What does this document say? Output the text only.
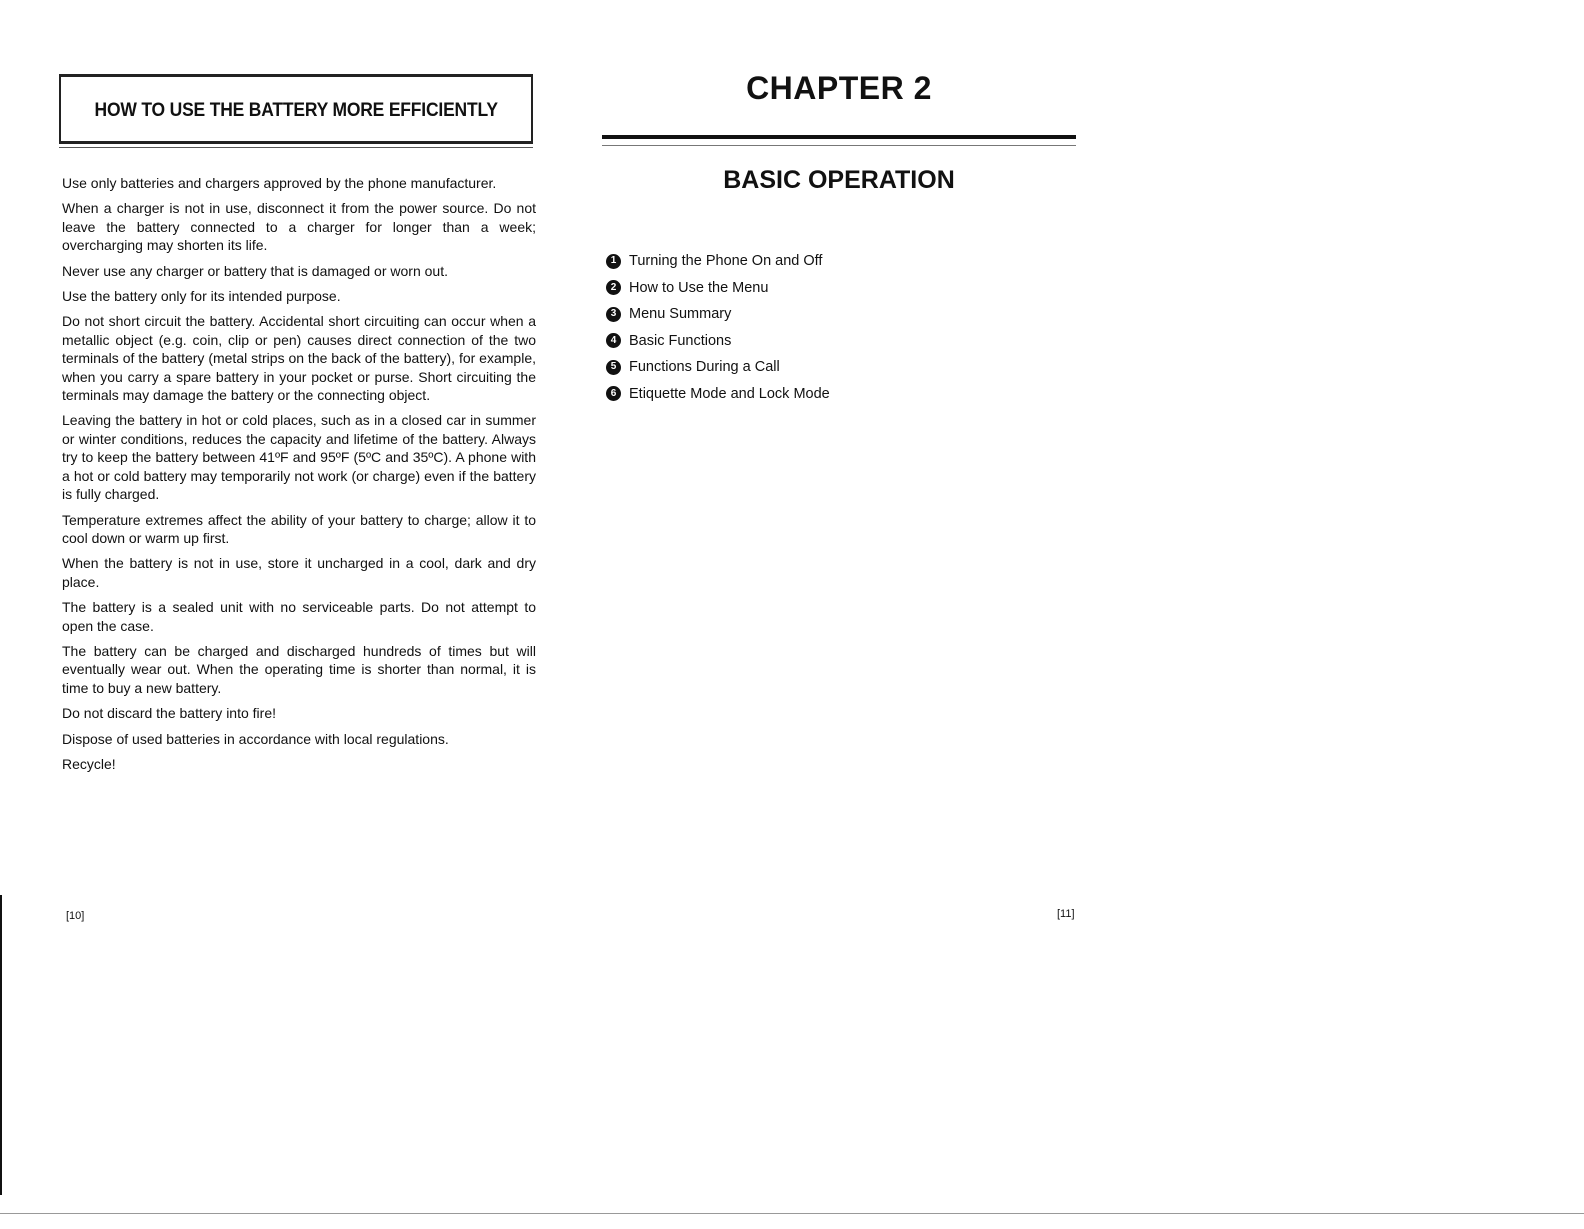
HOW TO USE THE BATTERY MORE EFFICIENTLY

Use only batteries and chargers approved by the phone manufacturer.

When a charger is not in use, disconnect it from the power source. Do not leave the battery connected to a charger for longer than a week; overcharging may shorten its life.

Never use any charger or battery that is damaged or worn out.

Use the battery only for its intended purpose.

Do not short circuit the battery. Accidental short circuiting can occur when a metallic object (e.g. coin, clip or pen) causes direct connection of the two terminals of the battery (metal strips on the back of the battery), for example, when you carry a spare battery in your pocket or purse. Short circuiting the terminals may damage the battery or the connecting object.

Leaving the battery in hot or cold places, such as in a closed car in summer or winter conditions, reduces the capacity and lifetime of the battery. Always try to keep the battery between 41ºF and 95ºF (5ºC and 35ºC). A phone with a hot or cold battery may temporarily not work (or charge) even if the battery is fully charged.

Temperature extremes affect the ability of your battery to charge; allow it to cool down or warm up first.

When the battery is not in use, store it uncharged in a cool, dark and dry place.

The battery is a sealed unit with no serviceable parts. Do not attempt to open the case.

The battery can be charged and discharged hundreds of times but will eventually wear out. When the operating time is shorter than normal, it is time to buy a new battery.

Do not discard the battery into fire!

Dispose of used batteries in accordance with local regulations.

Recycle!

[10]
CHAPTER 2
BASIC OPERATION
1 Turning the Phone On and Off
2 How to Use the Menu
3 Menu Summary
4 Basic Functions
5 Functions During a Call
6 Etiquette Mode and Lock Mode
[11]
